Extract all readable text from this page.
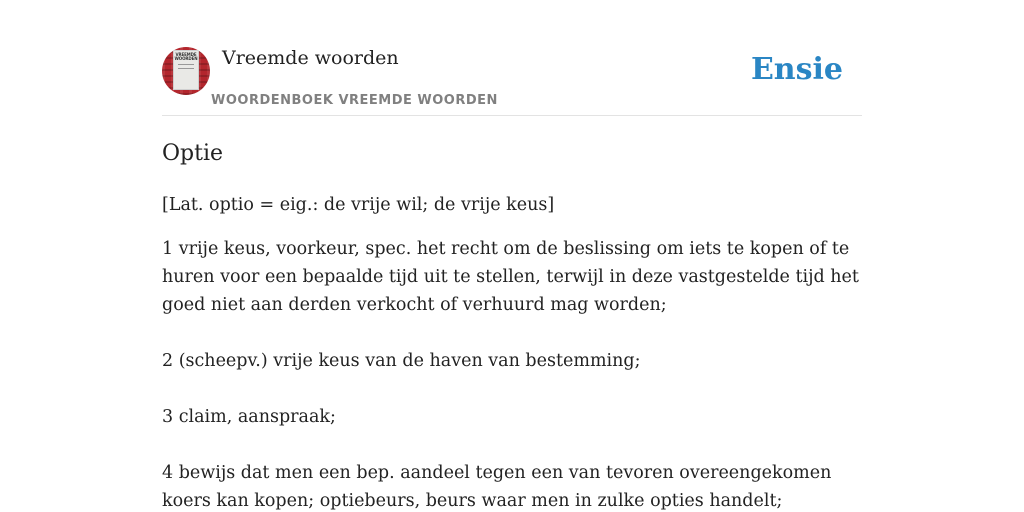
VREEMDE WOORDEN Vreemde woorden
WOORDENBOEK VREEMDE WOORDEN
Ensie
Optie

[Lat. optio = eig.: de vrije wil; de vrije keus]

1 vrije keus, voorkeur, spec. het recht om de beslissing om iets te kopen of te huren voor een bepaalde tijd uit te stellen, terwijl in deze vastgestelde tijd het goed niet aan derden verkocht of verhuurd mag worden;
2 (scheepv.) vrije keus van de haven van bestemming;
3 claim, aanspraak;
4 bewijs dat men een bep. aandeel tegen een van tevoren overeengekomen koers kan kopen; optiebeurs, beurs waar men in zulke opties handelt;
